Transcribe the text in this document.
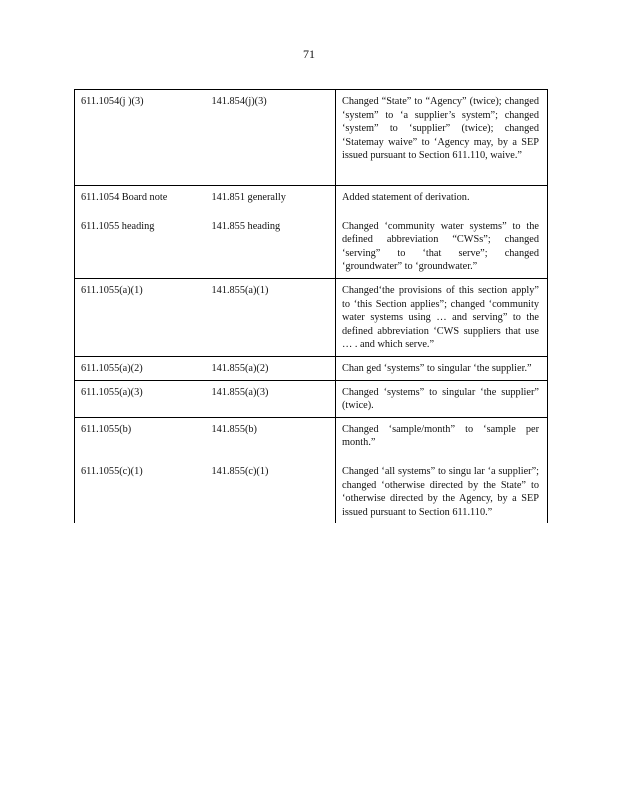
71
611.1054(j )(3)	141.854(j)(3)	Changed “State” to “Agency” (twice); changed ‘system” to ‘a supplier’s system”; changed ‘system” to ‘supplier” (twice); changed ‘Statemay waive” to ‘Agency may, by a SEP issued pursuant to Section 611.110, waive.”
611.1054 Board note	141.851 generally	Added statement of derivation.
611.1055 heading	141.855 heading	Changed ‘community water systems” to the defined abbreviation “CWSs”; changed ‘serving” to ‘that serve”; changed ‘groundwater” to ‘groundwater.”
611.1055(a)(1)	141.855(a)(1)	Changed‘the provisions of this section apply” to ‘this Section applies”; changed ‘community water systems using … and serving” to the defined abbreviation ‘CWS suppliers that use … . and which serve.”
611.1055(a)(2)	141.855(a)(2)	Chan ged ‘systems” to singular ‘the supplier.”
611.1055(a)(3)	141.855(a)(3)	Changed ‘systems” to singular ‘the supplier” (twice).
611.1055(b)	141.855(b)	Changed ‘sample/month” to ‘sample per month.”
611.1055(c)(1)	141.855(c)(1)	Changed ‘all systems” to singu lar ‘a supplier”; changed ‘otherwise directed by the State” to ‘otherwise directed by the Agency, by a SEP issued pursuant to Section 611.110.”
